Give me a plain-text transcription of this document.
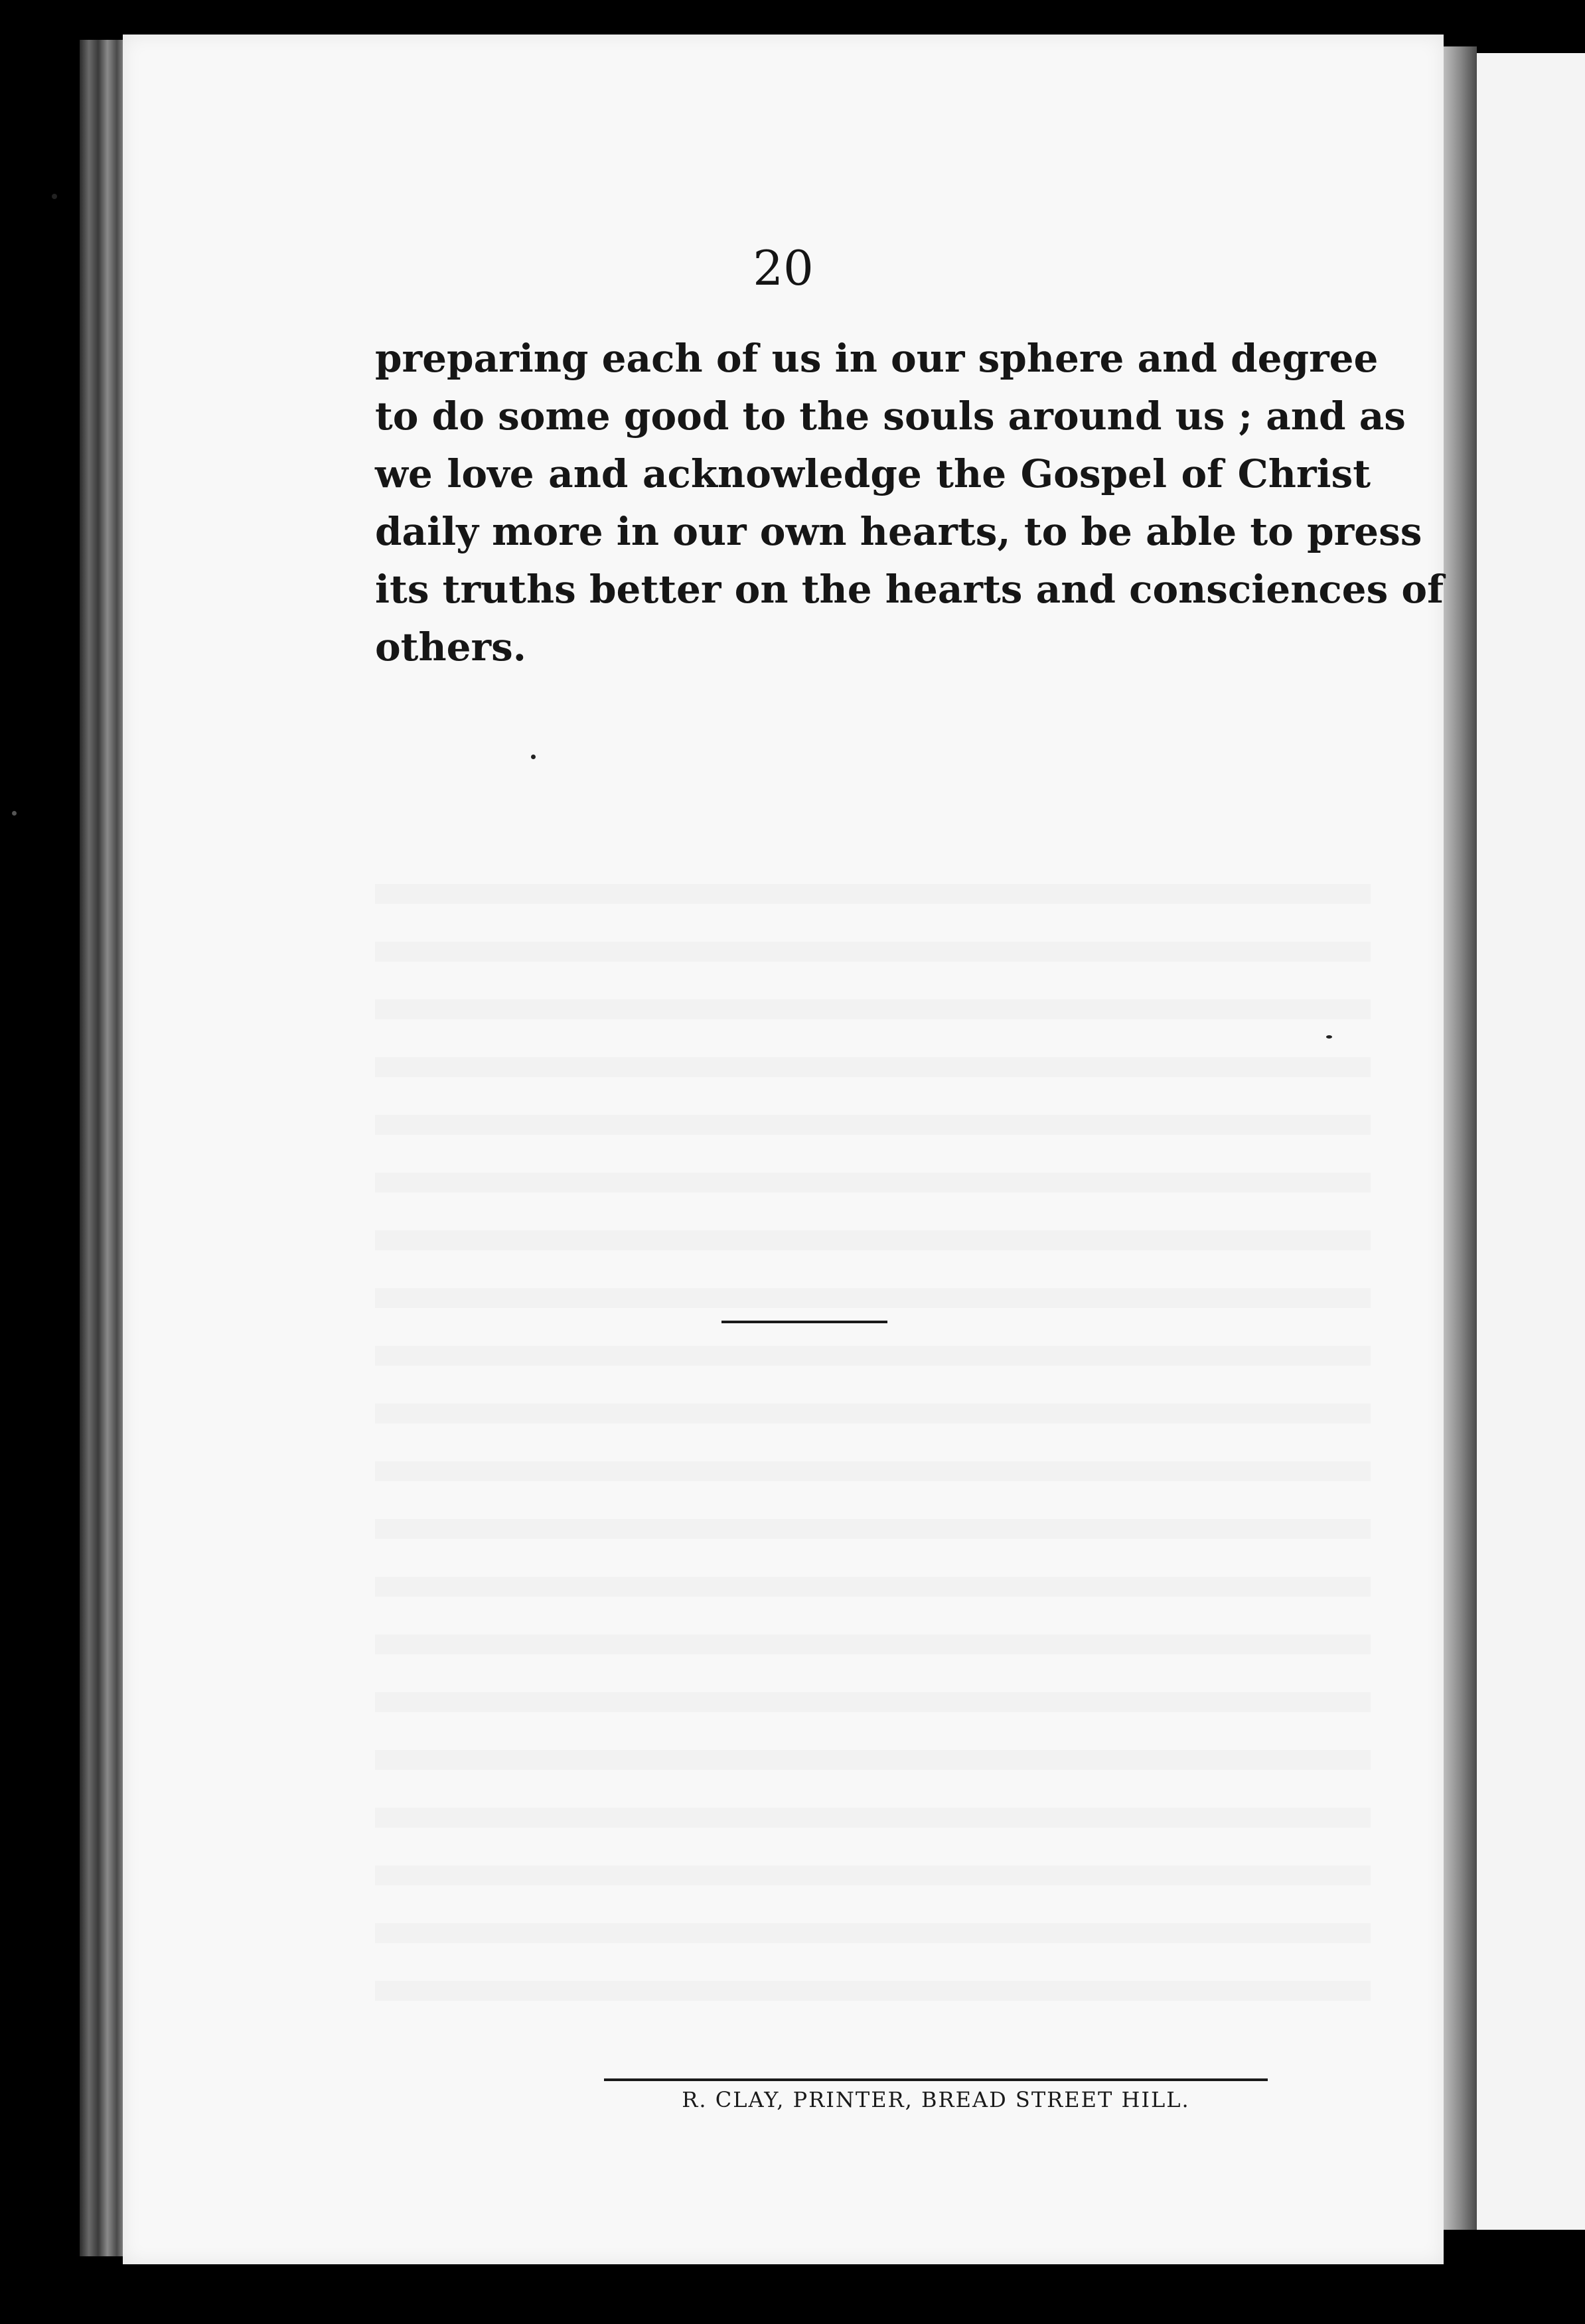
20

preparing each of us in our sphere and degree
to do some good to the souls around us ; and as
we love and acknowledge the Gospel of Christ
daily more in our own hearts, to be able to press
its truths better on the hearts and consciences of
others.

R. CLAY, PRINTER, BREAD STREET HILL.
